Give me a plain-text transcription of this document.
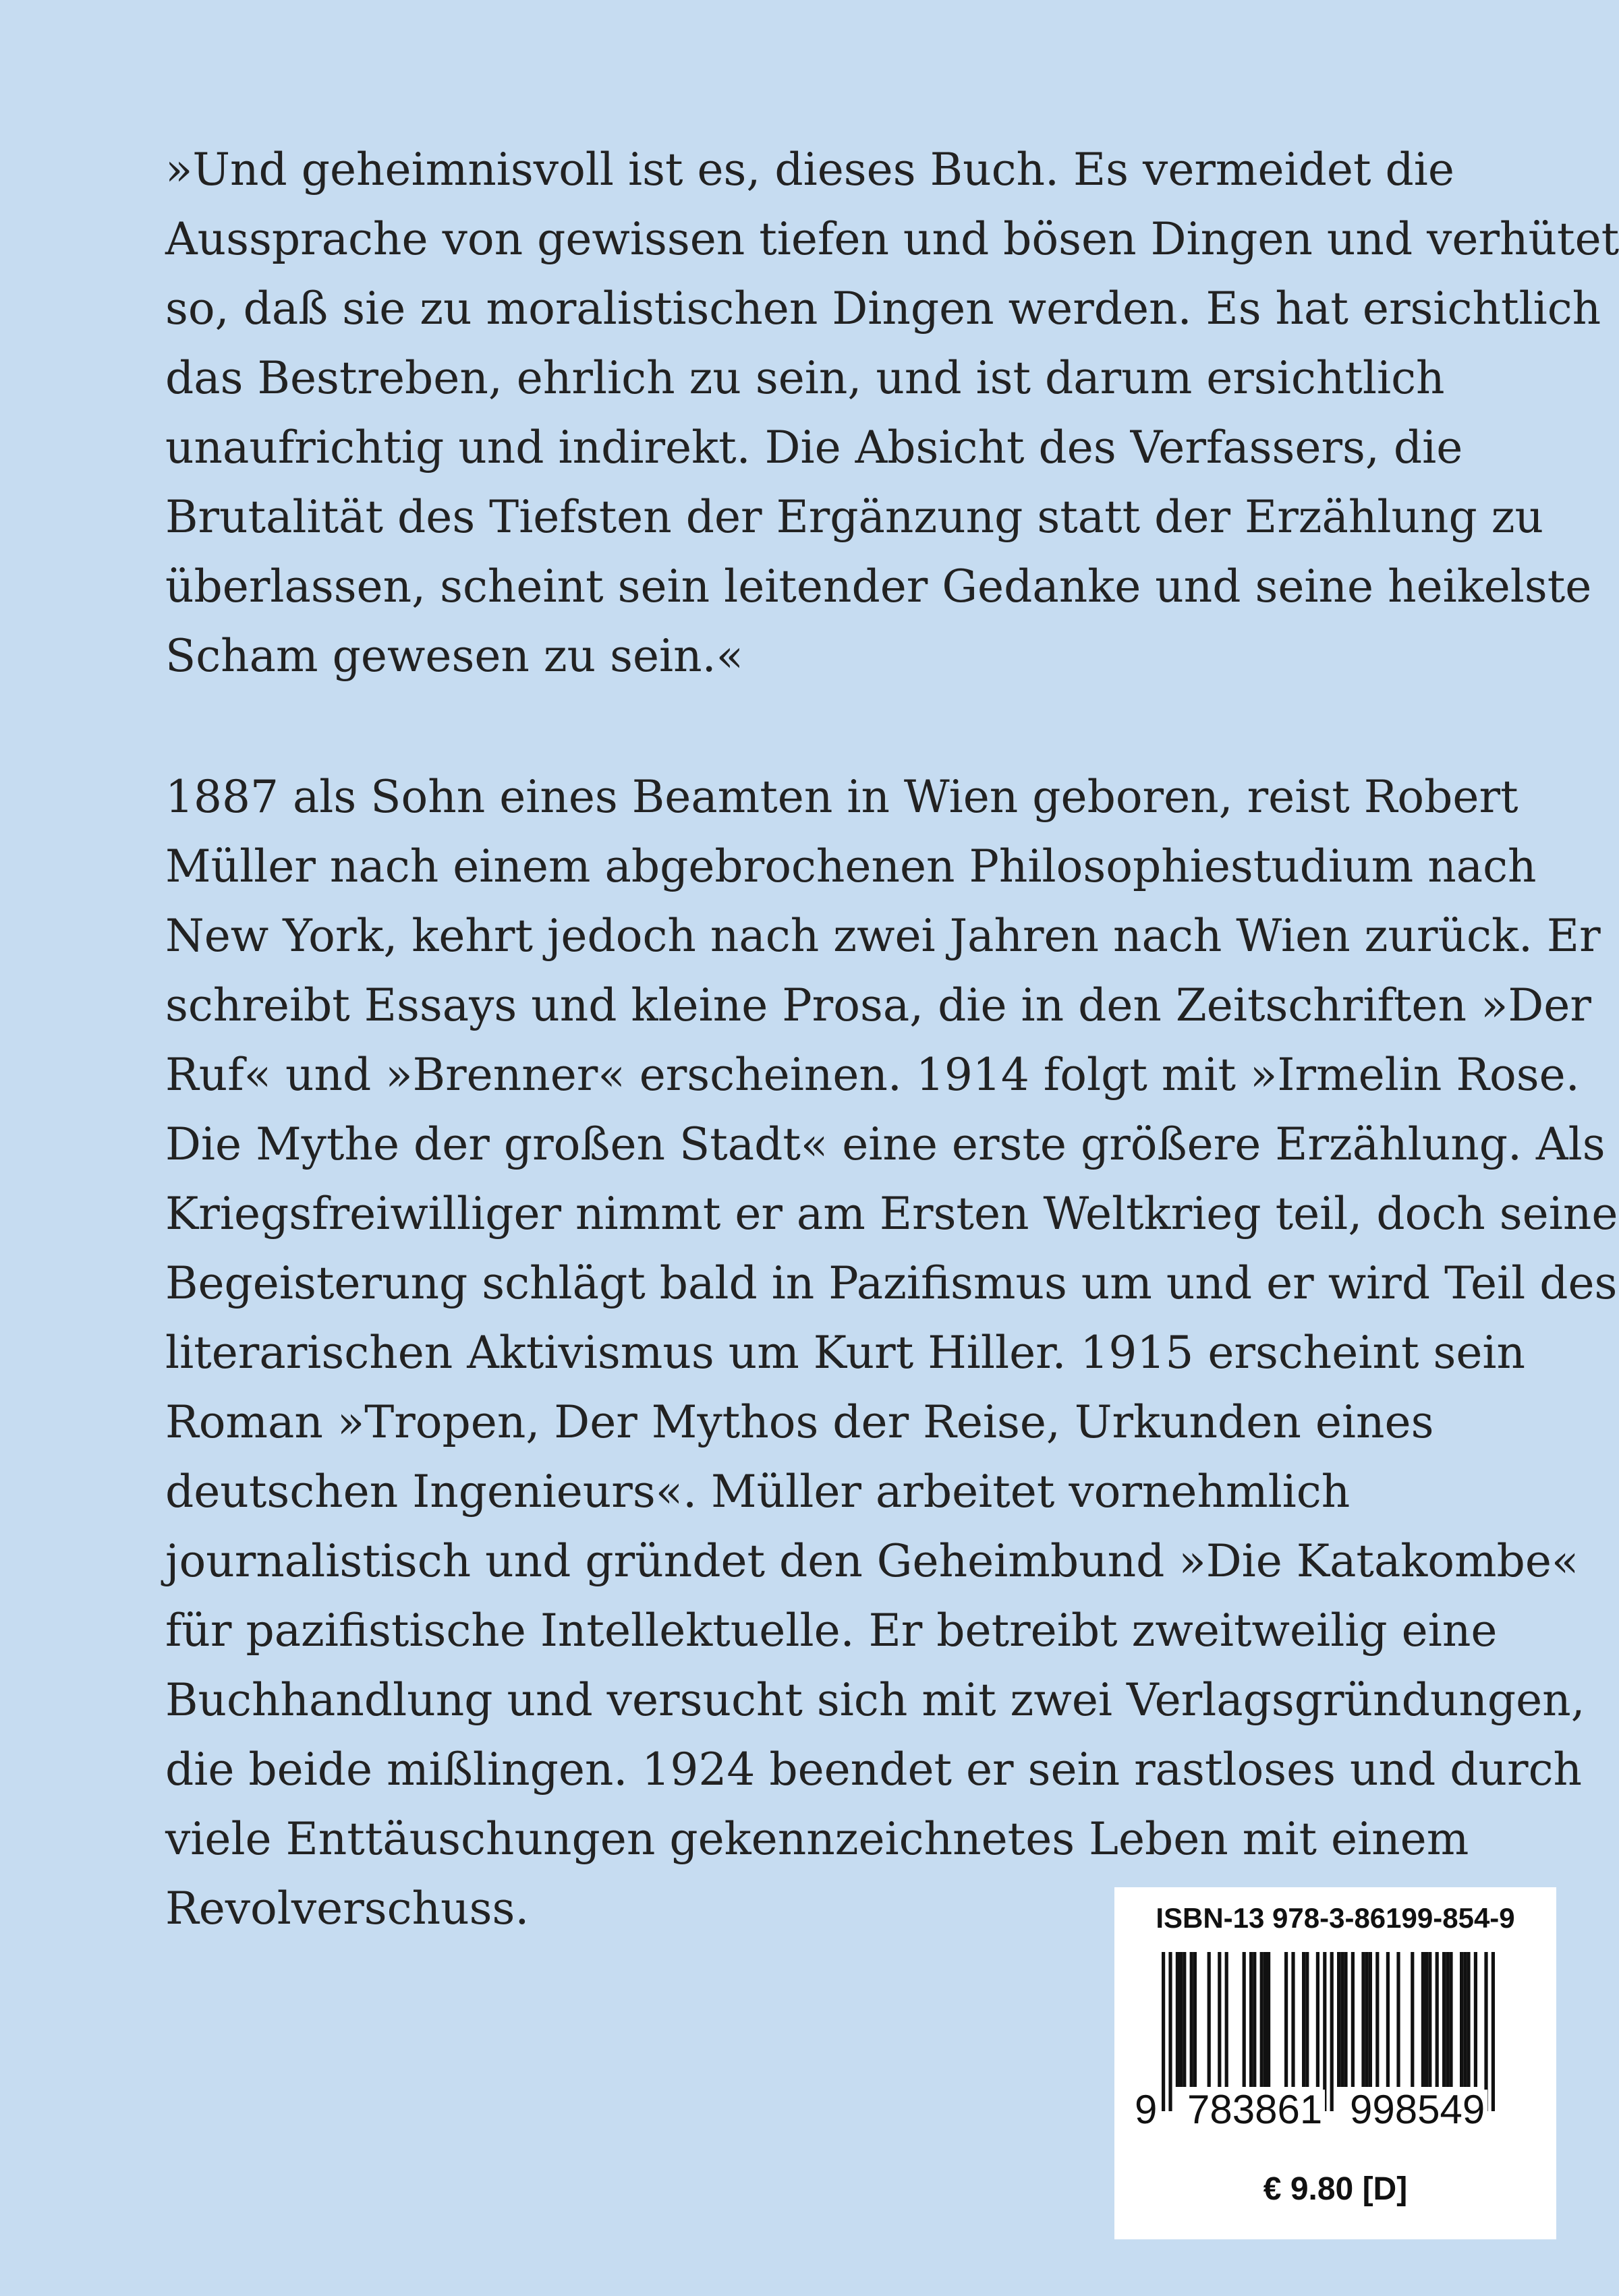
»Und geheimnisvoll ist es, dieses Buch. Es vermeidet die
Aussprache von gewissen tiefen und bösen Dingen und verhütet
so, daß sie zu moralistischen Dingen werden. Es hat ersichtlich
das Bestreben, ehrlich zu sein, und ist darum ersichtlich
unaufrichtig und indirekt. Die Absicht des Verfassers, die
Brutalität des Tiefsten der Ergänzung statt der Erzählung zu
überlassen, scheint sein leitender Gedanke und seine heikelste
Scham gewesen zu sein.«
1887 als Sohn eines Beamten in Wien geboren, reist Robert
Müller nach einem abgebrochenen Philosophiestudium nach
New York, kehrt jedoch nach zwei Jahren nach Wien zurück. Er
schreibt Essays und kleine Prosa, die in den Zeitschriften »Der
Ruf« und »Brenner« erscheinen. 1914 folgt mit »Irmelin Rose.
Die Mythe der großen Stadt« eine erste größere Erzählung. Als
Kriegsfreiwilliger nimmt er am Ersten Weltkrieg teil, doch seine
Begeisterung schlägt bald in Pazifismus um und er wird Teil des
literarischen Aktivismus um Kurt Hiller. 1915 erscheint sein
Roman »Tropen, Der Mythos der Reise, Urkunden eines
deutschen Ingenieurs«. Müller arbeitet vornehmlich
journalistisch und gründet den Geheimbund »Die Katakombe«
für pazifistische Intellektuelle. Er betreibt zweitweilig eine
Buchhandlung und versucht sich mit zwei Verlagsgründungen,
die beide mißlingen. 1924 beendet er sein rastloses und durch
viele Enttäuschungen gekennzeichnetes Leben mit einem
Revolverschuss.	ISBN-13 978-3-86199-854-9
9 783861 998549
€ 9.80 [D]
